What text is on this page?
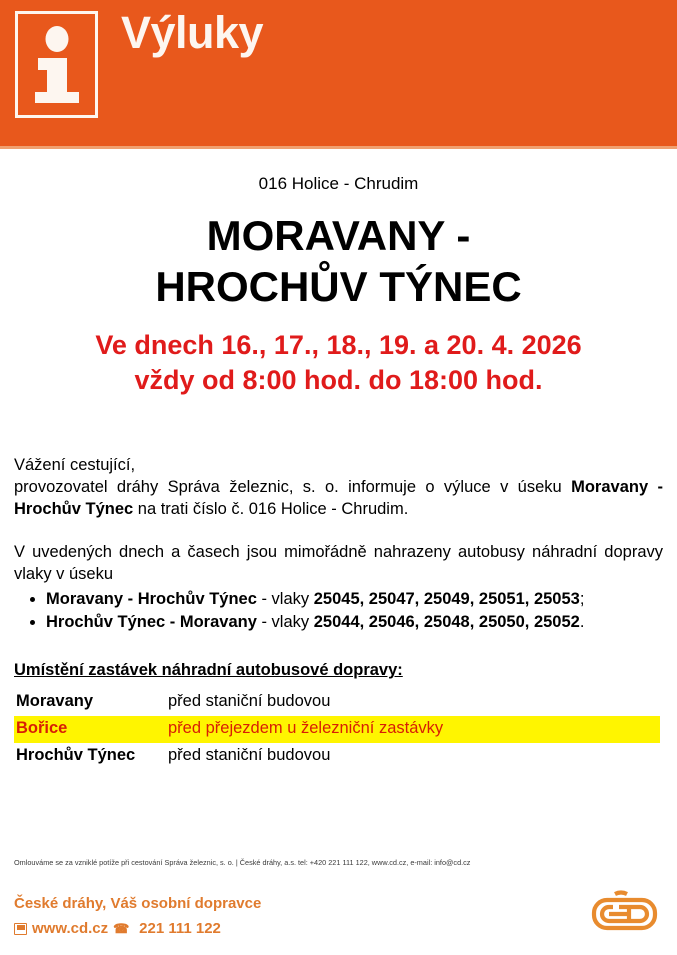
Výluky
016 Holice - Chrudim
MORAVANY -
HROCHŮV TÝNEC
Ve dnech 16., 17., 18., 19. a 20. 4. 2026
vždy od 8:00 hod. do 18:00 hod.
Vážení cestující,
provozovatel dráhy Správa železnic, s. o. informuje o výluce v úseku Moravany - Hrochův Týnec na trati číslo č. 016 Holice - Chrudim.
V uvedených dnech a časech jsou mimořádně nahrazeny autobusy náhradní dopravy vlaky v úseku
• Moravany - Hrochův Týnec - vlaky 25045, 25047, 25049, 25051, 25053;
• Hrochův Týnec - Moravany - vlaky 25044, 25046, 25048, 25050, 25052.
Umístění zastávek náhradní autobusové dopravy:
Moravany	před staniční budovou
Bořice	před přejezdem u železniční zastávky
Hrochův Týnec	před staniční budovou
Omlouváme se za vzniklé potíže při cestování Správa železnic, s. o. | České dráhy, a.s. tel: +420 221 111 122, www.cd.cz, e-mail: info@cd.cz
České dráhy, Váš osobní dopravce
www.cd.cz ☎ 221 111 122
